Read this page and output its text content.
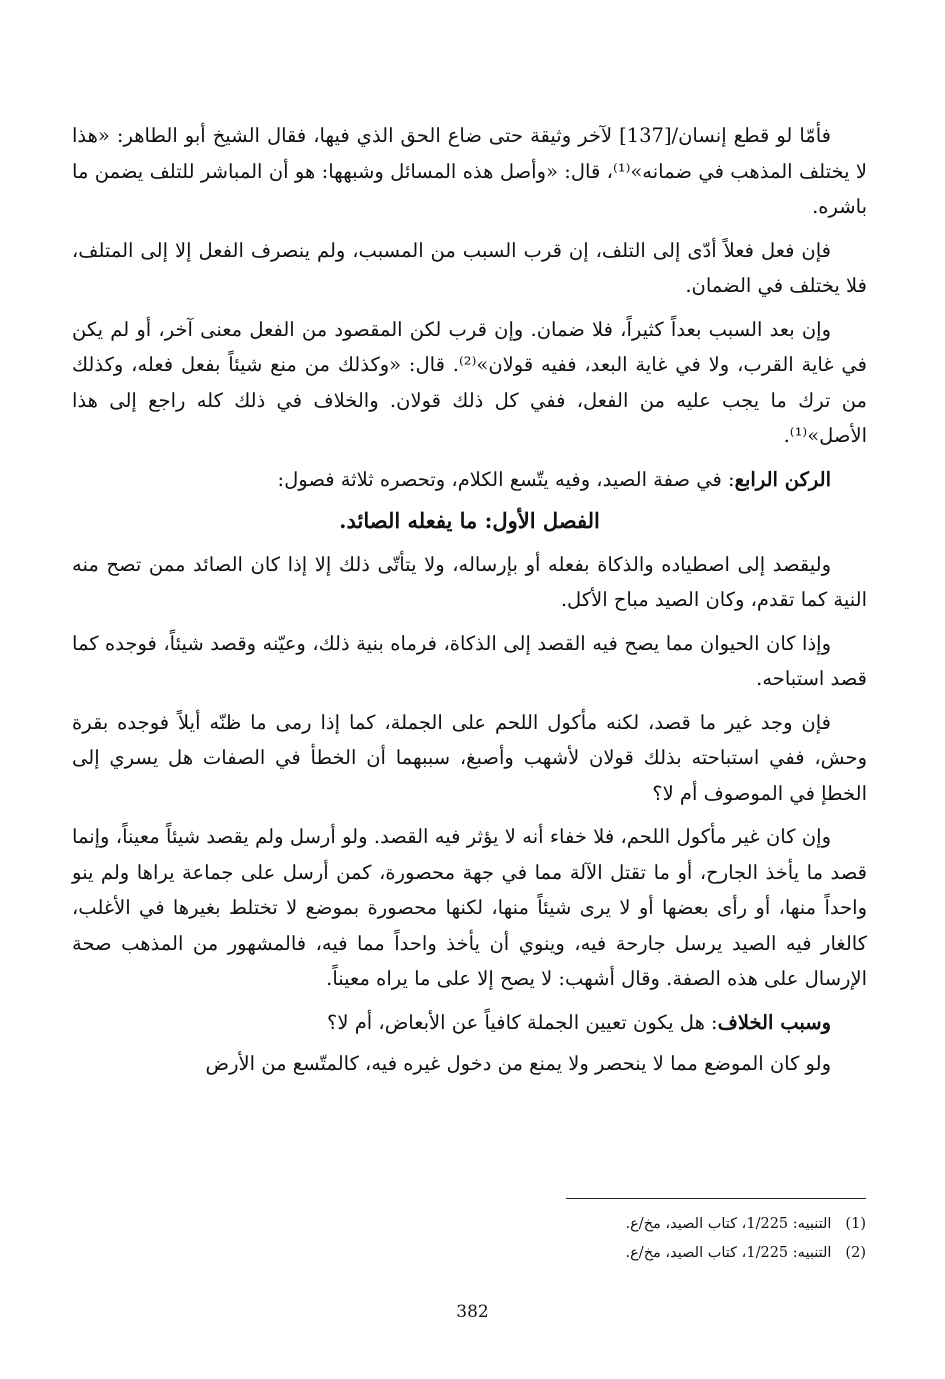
فأمّا لو قطع إنسان/[137] لآخر وثيقة حتى ضاع الحق الذي فيها، فقال الشيخ أبو الطاهر: «هذا لا يختلف المذهب في ضمانه»⁽¹⁾، قال: «وأصل هذه المسائل وشبهها: هو أن المباشر للتلف يضمن ما باشره.

فإن فعل فعلاً أدّى إلى التلف، إن قرب السبب من المسبب، ولم ينصرف الفعل إلا إلى المتلف، فلا يختلف في الضمان.

وإن بعد السبب بعداً كثيراً، فلا ضمان. وإن قرب لكن المقصود من الفعل معنى آخر، أو لم يكن في غاية القرب، ولا في غاية البعد، ففيه قولان»⁽²⁾. قال: «وكذلك من منع شيئاً بفعل فعله، وكذلك من ترك ما يجب عليه من الفعل، ففي كل ذلك قولان. والخلاف في ذلك كله راجع إلى هذا الأصل»⁽¹⁾.

الركن الرابع: في صفة الصيد، وفيه يتّسع الكلام، وتحصره ثلاثة فصول:

الفصل الأول: ما يفعله الصائد.

وليقصد إلى اصطياده والذكاة بفعله أو بإرساله، ولا يتأتّى ذلك إلا إذا كان الصائد ممن تصح منه النية كما تقدم، وكان الصيد مباح الأكل.

وإذا كان الحيوان مما يصح فيه القصد إلى الذكاة، فرماه بنية ذلك، وعيّنه وقصد شيئاً، فوجده كما قصد استباحه.

فإن وجد غير ما قصد، لكنه مأكول اللحم على الجملة، كما إذا رمى ما ظنّه أيلاً فوجده بقرة وحش، ففي استباحته بذلك قولان لأشهب وأصبغ، سببهما أن الخطأ في الصفات هل يسري إلى الخطإ في الموصوف أم لا؟

وإن كان غير مأكول اللحم، فلا خفاء أنه لا يؤثر فيه القصد. ولو أرسل ولم يقصد شيئاً معيناً، وإنما قصد ما يأخذ الجارح، أو ما تقتل الآلة مما في جهة محصورة، كمن أرسل على جماعة يراها ولم ينو واحداً منها، أو رأى بعضها أو لا يرى شيئاً منها، لكنها محصورة بموضع لا تختلط بغيرها في الأغلب، كالغار فيه الصيد يرسل جارحة فيه، وينوي أن يأخذ واحداً مما فيه، فالمشهور من المذهب صحة الإرسال على هذه الصفة. وقال أشهب: لا يصح إلا على ما يراه معيناً.

وسبب الخلاف: هل يكون تعيين الجملة كافياً عن الأبعاض، أم لا؟

ولو كان الموضع مما لا ينحصر ولا يمنع من دخول غيره فيه، كالمتّسع من الأرض

(1) التنبيه: 1/225، كتاب الصيد، مخ/ع.
(2) التنبيه: 1/225، كتاب الصيد، مخ/ع.
382
